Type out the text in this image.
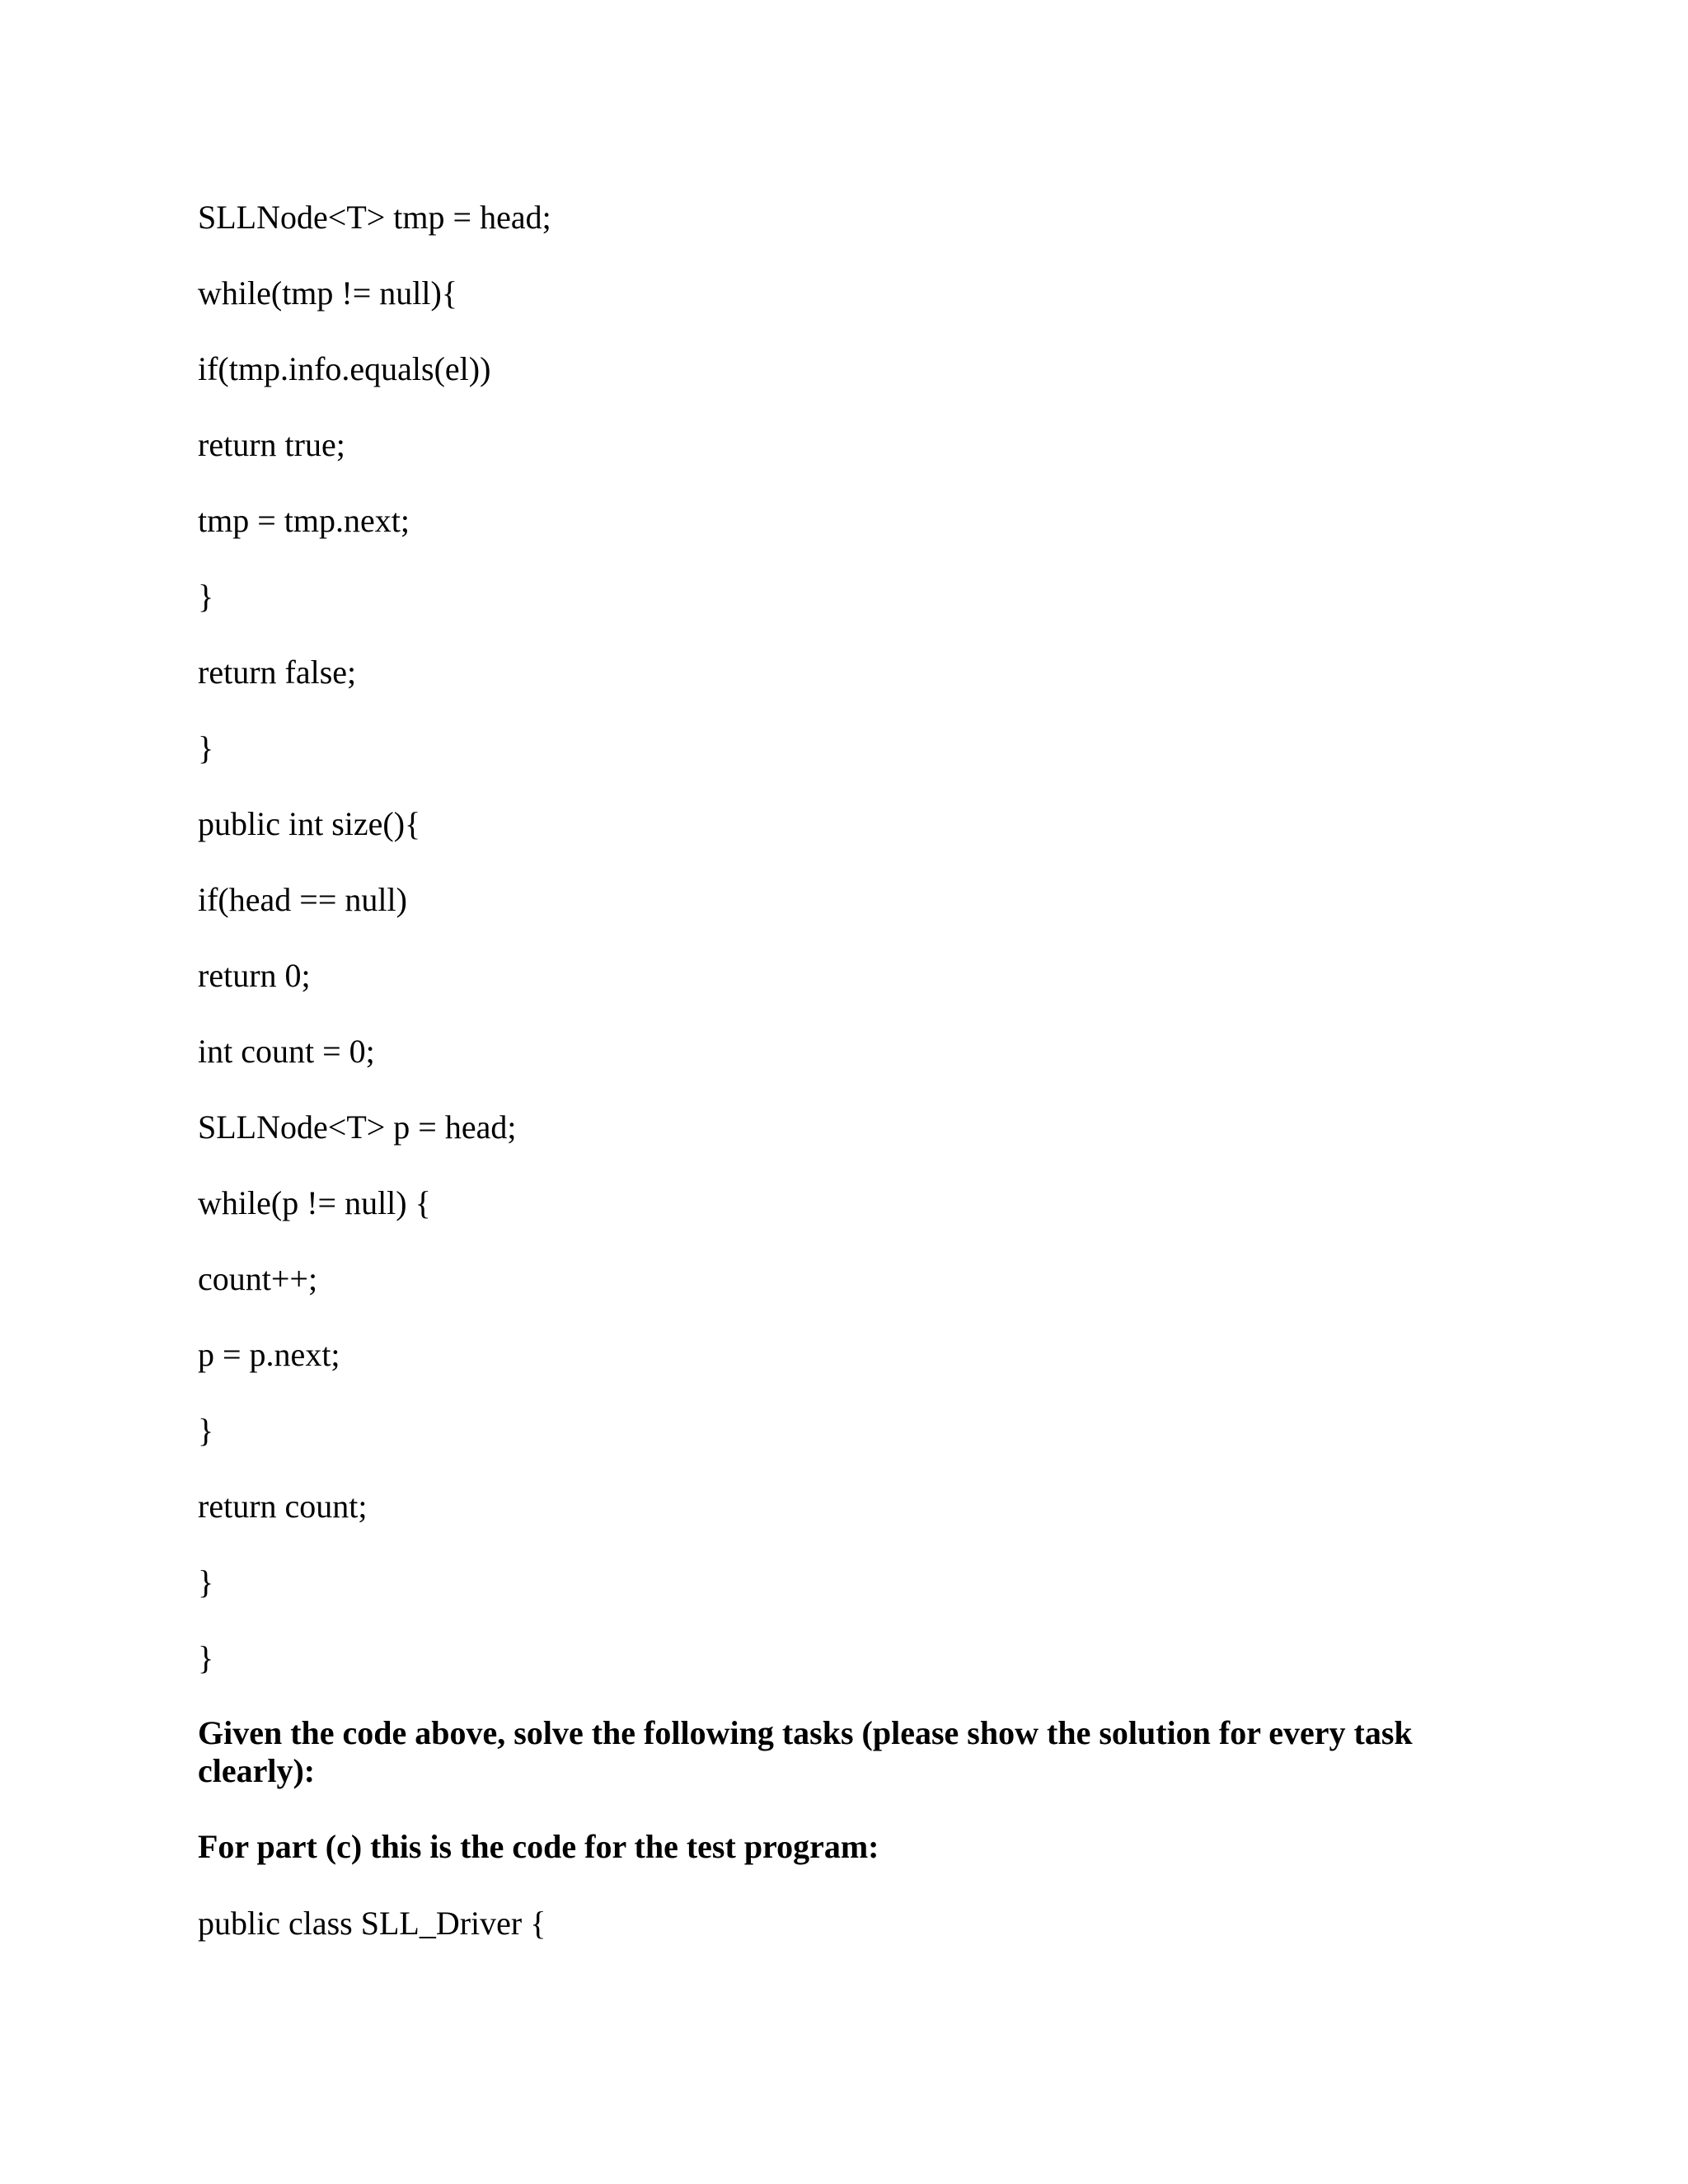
SLLNode<T> tmp = head;
while(tmp != null){
if(tmp.info.equals(el))
return true;
tmp = tmp.next;
}
return false;
}
public int size(){
if(head == null)
return 0;
int count = 0;
SLLNode<T> p = head;
while(p != null) {
count++;
p = p.next;
}
return count;
}
}
Given the code above, solve the following tasks (please show the solution for every task clearly):
For part (c) this is the code for the test program:
public class SLL_Driver {
